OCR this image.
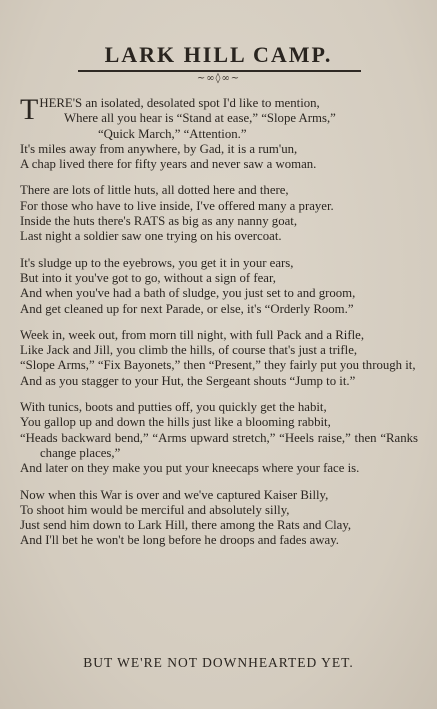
LARK HILL CAMP.
~∞◊∞~
T HERE'S an isolated, desolated spot I'd like to mention,
Where all you hear is “Stand at ease,” “Slope Arms,”
“Quick March,” “Attention.”
It's miles away from anywhere, by Gad, it is a rum'un,
A chap lived there for fifty years and never saw a woman.
There are lots of little huts, all dotted here and there,
For those who have to live inside, I've offered many a prayer.
Inside the huts there's RATS as big as any nanny goat,
Last night a soldier saw one trying on his overcoat.
It's sludge up to the eyebrows, you get it in your ears,
But into it you've got to go, without a sign of fear,
And when you've had a bath of sludge, you just set to and groom,
And get cleaned up for next Parade, or else, it's “Orderly Room.”
Week in, week out, from morn till night, with full Pack and a Rifle,
Like Jack and Jill, you climb the hills, of course that's just a trifle,
“Slope Arms,” “Fix Bayonets,” then “Present,” they fairly put you through it,
And as you stagger to your Hut, the Sergeant shouts “Jump to it.”
With tunics, boots and putties off, you quickly get the habit,
You gallop up and down the hills just like a blooming rabbit,
“Heads backward bend,” “Arms upward stretch,” “Heels raise,” then “Ranks change places,”
And later on they make you put your kneecaps where your face is.
Now when this War is over and we've captured Kaiser Billy,
To shoot him would be merciful and absolutely silly,
Just send him down to Lark Hill, there among the Rats and Clay,
And I'll bet he won't be long before he droops and fades away.
BUT WE'RE NOT DOWNHEARTED YET.
